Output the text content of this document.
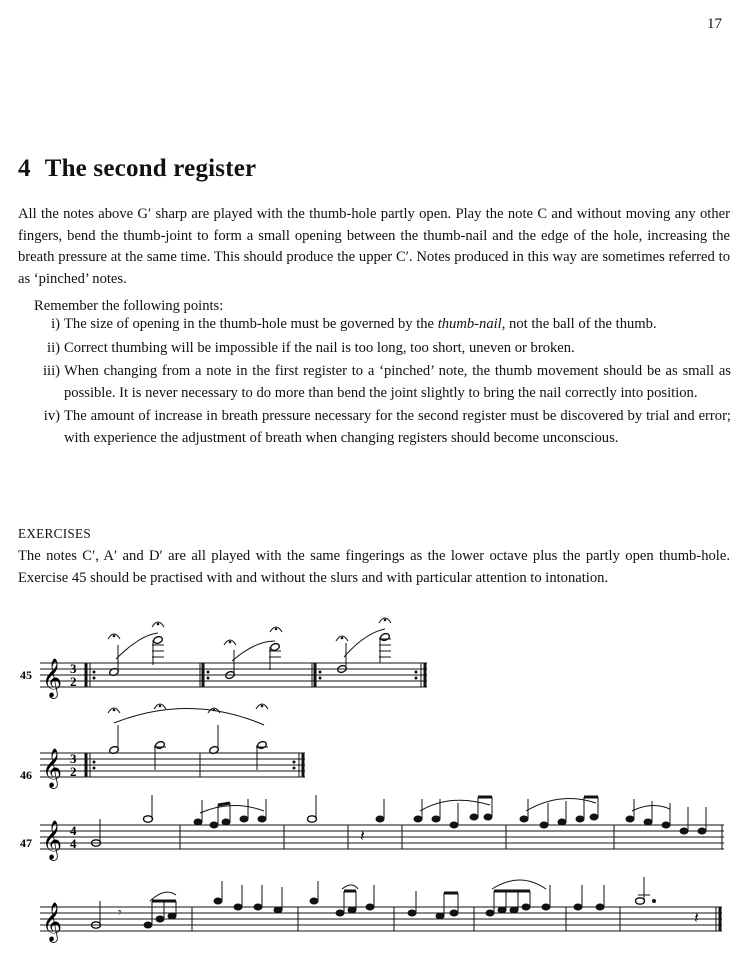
17
4 The second register

All the notes above G′ sharp are played with the thumb-hole partly open. Play the note C and without moving any other fingers, bend the thumb-joint to form a small opening between the thumb-nail and the edge of the hole, increasing the breath pressure at the same time. This should produce the upper C′. Notes produced in this way are sometimes referred to as ‘pinched’ notes.

Remember the following points:
i) The size of opening in the thumb-hole must be governed by the thumb-nail, not the ball of the thumb.
ii) Correct thumbing will be impossible if the nail is too long, too short, uneven or broken.
iii) When changing from a note in the first register to a ‘pinched’ note, the thumb movement should be as small as possible. It is never necessary to do more than bend the joint slightly to bring the nail correctly into position.
iv) The amount of increase in breath pressure necessary for the second register must be discovered by trial and error; with experience the adjustment of breath when changing registers should become unconscious.
EXERCISES

The notes C′, A′ and D′ are all played with the same fingerings as the lower octave plus the partly open thumb-hole. Exercise 45 should be practised with and without the slurs and with particular attention to intonation.

45 𝄞 3
2
46 𝄞 3
2
47 𝄞 4
4	𝄽
𝄞	𝄾	𝄽
